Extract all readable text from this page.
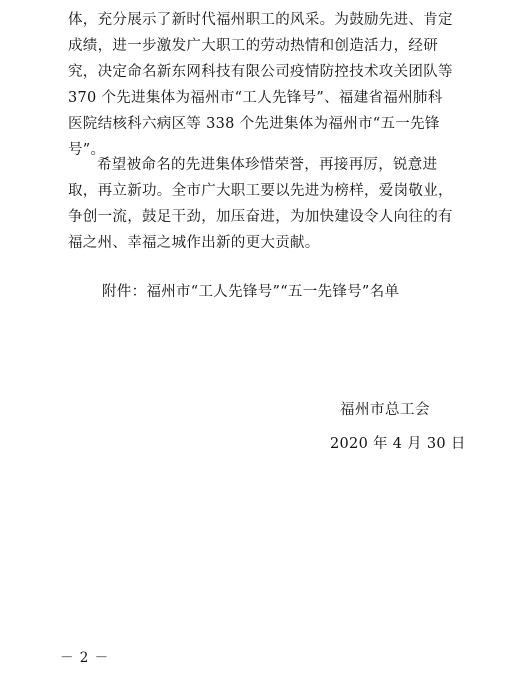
体，充分展示了新时代福州职工的风采。为鼓励先进、肯定成绩，进一步激发广大职工的劳动热情和创造活力，经研究，决定命名新东网科技有限公司疫情防控技术攻关团队等 370 个先进集体为福州市“工人先锋号”、福建省福州肺科医院结核科六病区等 338 个先进集体为福州市“五一先锋号”。

希望被命名的先进集体珍惜荣誉，再接再厉，锐意进取，再立新功。全市广大职工要以先进为榜样，爱岗敬业，争创一流，鼓足干劲，加压奋进，为加快建设令人向往的有福之州、幸福之城作出新的更大贡献。

附件：福州市“工人先锋号”“五一先锋号”名单
福州市总工会
2020 年 4 月 30 日
－ 2 －
